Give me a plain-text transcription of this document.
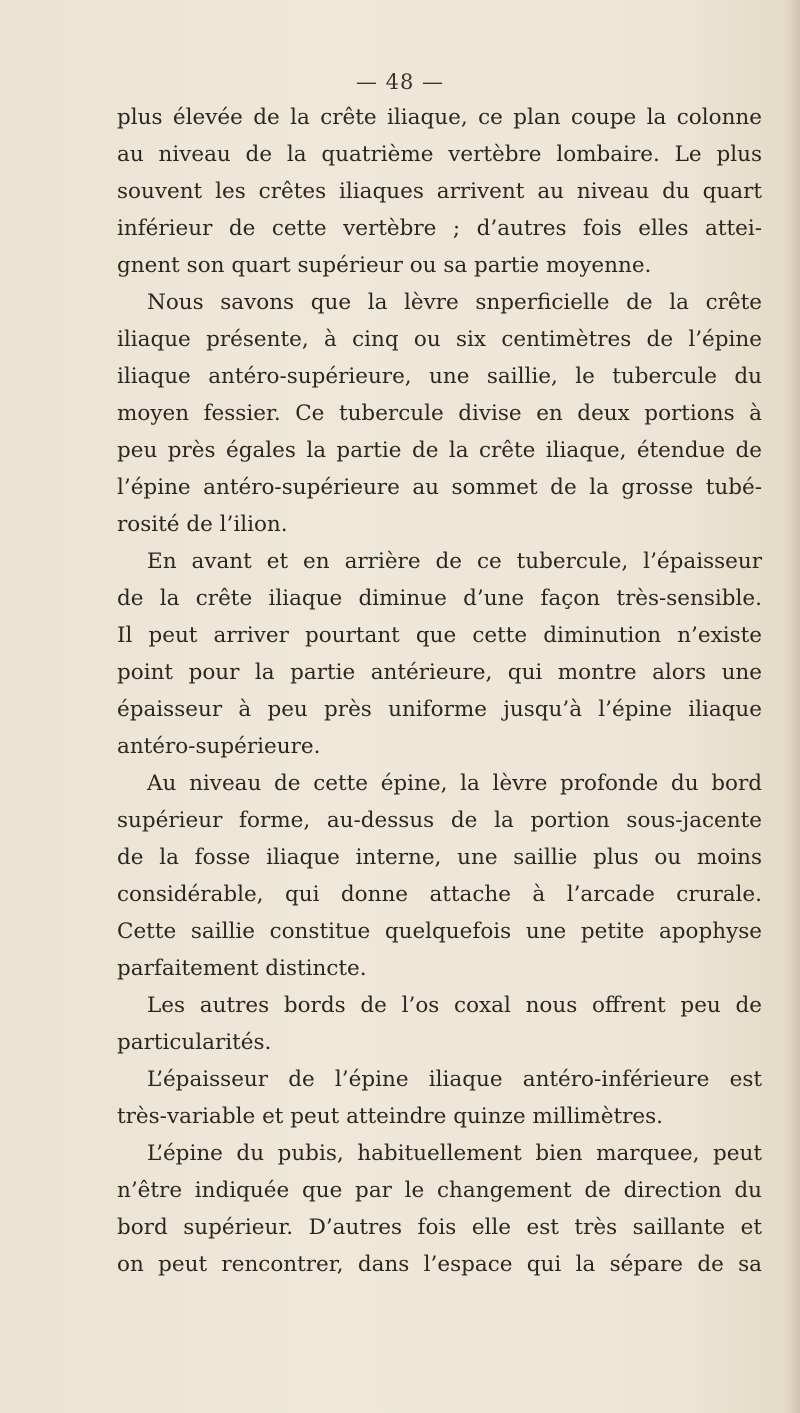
— 48 —
plus élevée de la crête iliaque, ce plan coupe la colonne
au niveau de la quatrième vertèbre lombaire. Le plus
souvent les crêtes iliaques arrivent au niveau du quart
inférieur de cette vertèbre ; d’autres fois elles attei-
gnent son quart supérieur ou sa partie moyenne.
Nous savons que la lèvre snperficielle de la crête
iliaque présente, à cinq ou six centimètres de l’épine
iliaque antéro-supérieure, une saillie, le tubercule du
moyen fessier. Ce tubercule divise en deux portions à
peu près égales la partie de la crête iliaque, étendue de
l’épine antéro-supérieure au sommet de la grosse tubé-
rosité de l’ilion.
En avant et en arrière de ce tubercule, l’épaisseur
de la crête iliaque diminue d’une façon très-sensible.
Il peut arriver pourtant que cette diminution n’existe
point pour la partie antérieure, qui montre alors une
épaisseur à peu près uniforme jusqu’à l’épine iliaque
antéro-supérieure.
Au niveau de cette épine, la lèvre profonde du bord
supérieur forme, au-dessus de la portion sous-jacente
de la fosse iliaque interne, une saillie plus ou moins
considérable, qui donne attache à l’arcade crurale.
Cette saillie constitue quelquefois une petite apophyse
parfaitement distincte.
Les autres bords de l’os coxal nous offrent peu de
particularités.
L’épaisseur de l’épine iliaque antéro-inférieure est
très-variable et peut atteindre quinze millimètres.
L’épine du pubis, habituellement bien marquee, peut
n’être indiquée que par le changement de direction du
bord supérieur. D’autres fois elle est très saillante et
on peut rencontrer, dans l’espace qui la sépare de sa
